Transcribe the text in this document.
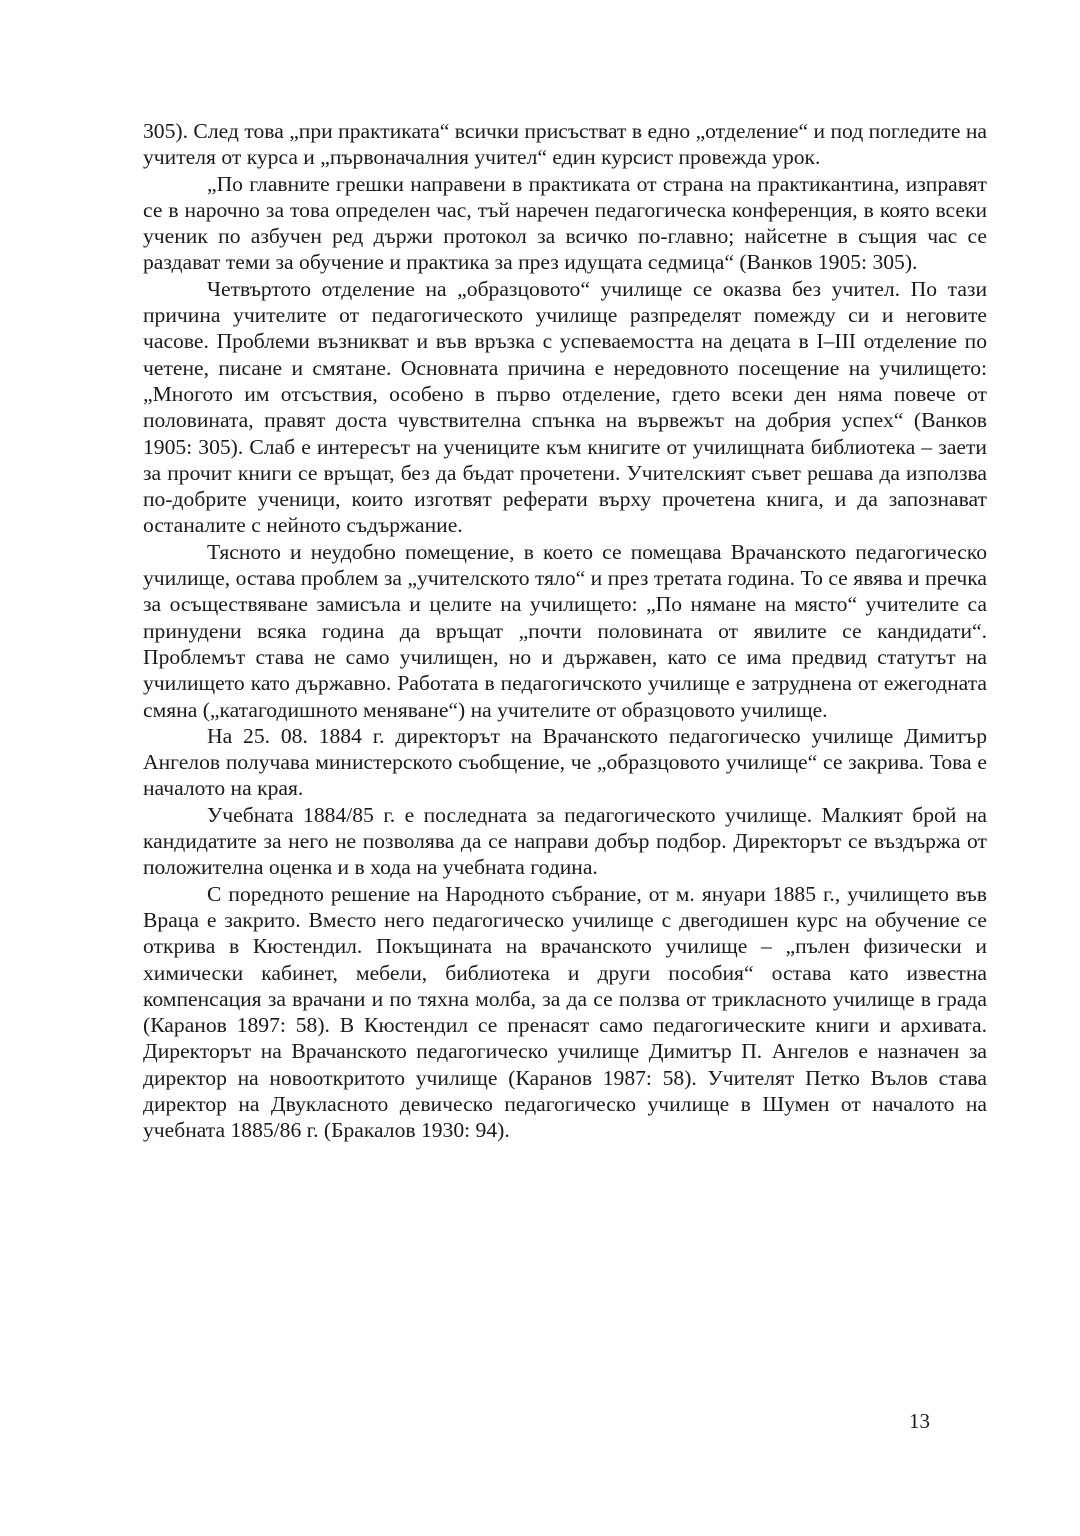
305). След това „при практиката“ всички присъстват в едно „отделение“ и под погледите на учителя от курса и „първоначалния учител“ един курсист провежда урок.

„По главните грешки направени в практиката от страна на практикантина, изправят се в нарочно за това определен час, тъй наречен педагогическа конференция, в която всеки ученик по азбучен ред държи протокол за всичко по-главно; найсетне в същия час се раздават теми за обучение и практика за през идущата седмица“ (Ванков 1905: 305).

Четвъртото отделение на „образцовото“ училище се оказва без учител. По тази причина учителите от педагогическото училище разпределят помежду си и неговите часове. Проблеми възникват и във връзка с успеваемостта на децата в I–III отделение по четене, писане и смятане. Основната причина е нередовното посещение на училището: „Многото им отсъствия, особено в първо отделение, гдето всеки ден няма повече от половината, правят доста чувствителна спънка на вървежът на добрия успех“ (Ванков 1905: 305). Слаб е интересът на учениците към книгите от училищната библиотека – заети за прочит книги се връщат, без да бъдат прочетени. Учителският съвет решава да използва по-добрите ученици, които изготвят реферати върху прочетена книга, и да запознават останалите с нейното съдържание.

Тясното и неудобно помещение, в което се помещава Врачанското педагогическо училище, остава проблем за „учителското тяло“ и през третата година. То се явява и пречка за осъществяване замисъла и целите на училището: „По нямане на място“ учителите са принудени всяка година да връщат „почти половината от явилите се кандидати“. Проблемът става не само училищен, но и държавен, като се има предвид статутът на училището като държавно. Работата в педагогичското училище е затруднена от ежегодната смяна („катагодишното меняване“) на учителите от образцовото училище.

На 25. 08. 1884 г. директорът на Врачанското педагогическо училище Димитър Ангелов получава министерското съобщение, че „образцовото училище“ се закрива. Това е началото на края.

Учебната 1884/85 г. е последната за педагогическото училище. Малкият брой на кандидатите за него не позволява да се направи добър подбор. Директорът се въздържа от положителна оценка и в хода на учебната година.

С поредното решение на Народното събрание, от м. януари 1885 г., училището във Враца е закрито. Вместо него педагогическо училище с двегодишен курс на обучение се открива в Кюстендил. Покъщината на врачанското училище – „пълен физически и химически кабинет, мебели, библиотека и други пособия“ остава като известна компенсация за врачани и по тяхна молба, за да се ползва от трикласното училище в града (Каранов 1897: 58). В Кюстендил се пренасят само педагогическите книги и архивата. Директорът на Врачанското педагогическо училище Димитър П. Ангелов е назначен за директор на новооткритото училище (Каранов 1987: 58). Учителят Петко Вълов става директор на Двукласното девическо педагогическо училище в Шумен от началото на учебната 1885/86 г. (Бракалов 1930: 94).

13
